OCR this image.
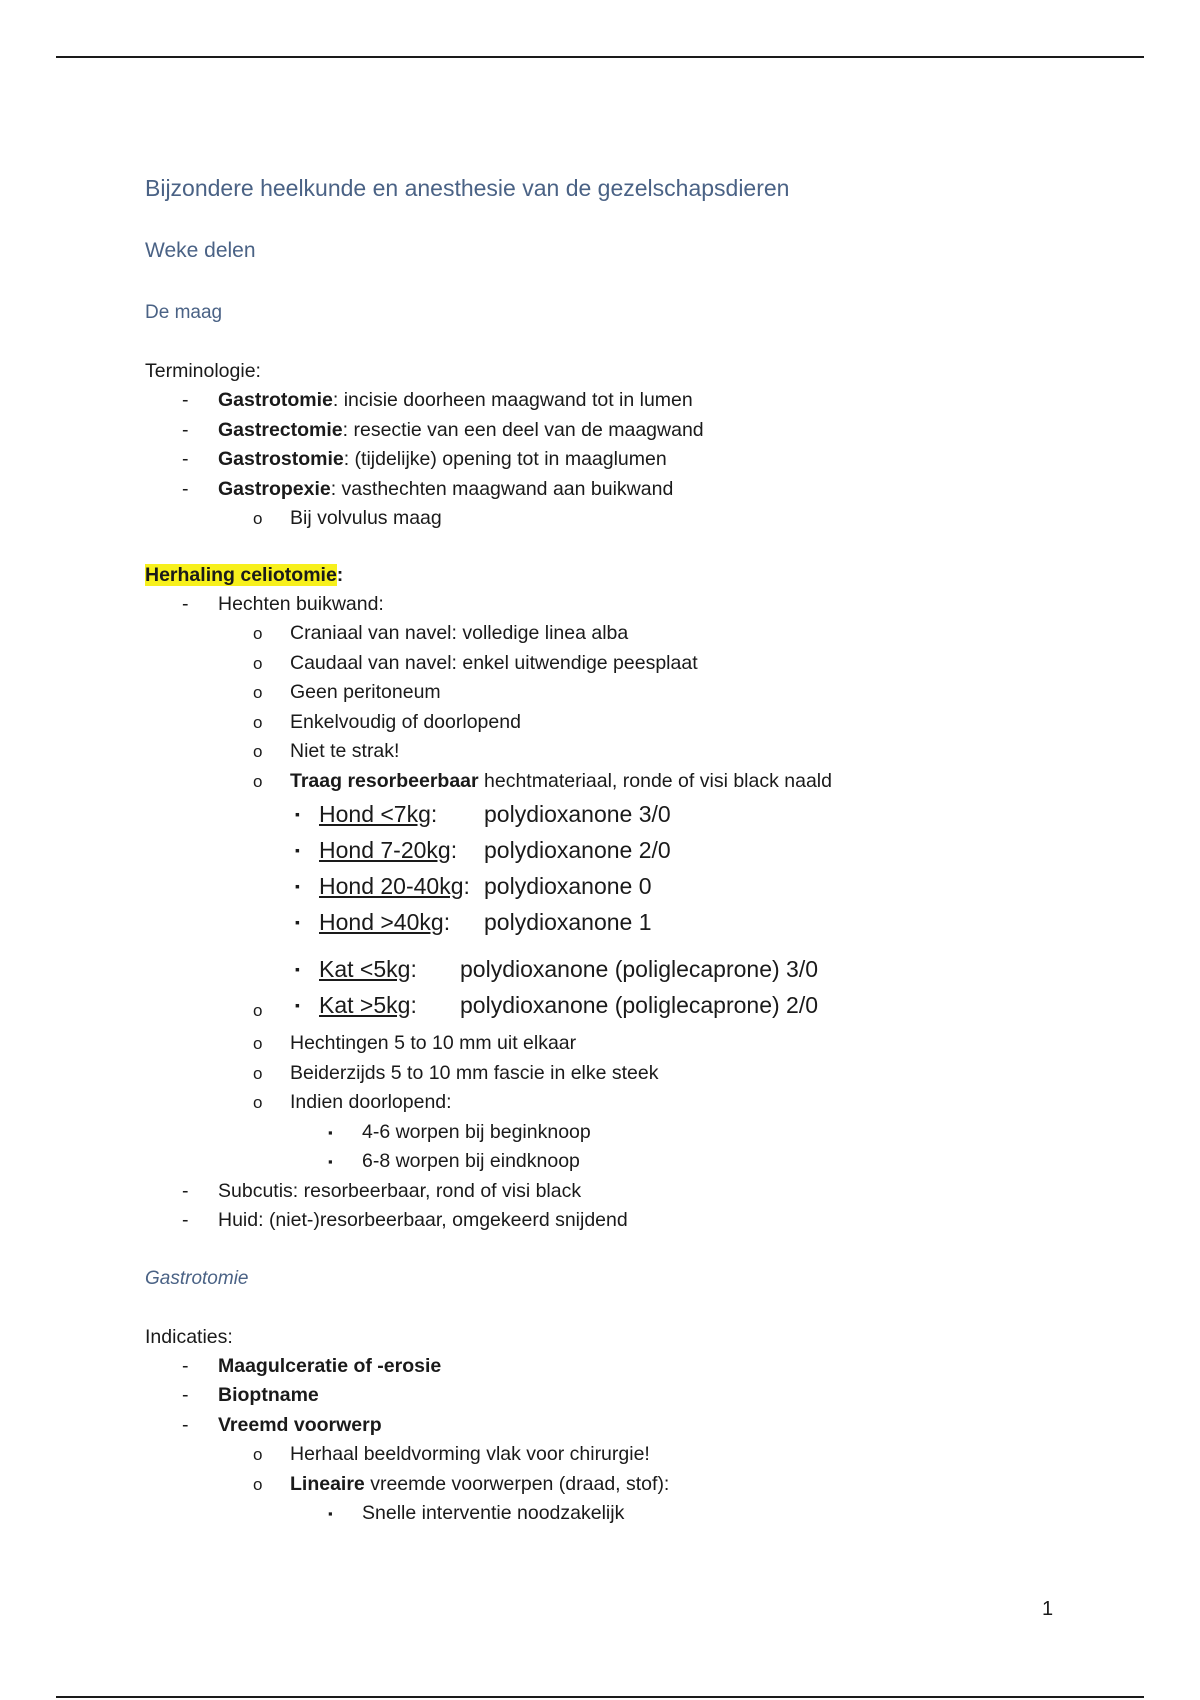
Bijzondere heelkunde en anesthesie van de gezelschapsdieren
Weke delen
De maag
Terminologie:
- Gastrotomie: incisie doorheen maagwand tot in lumen
- Gastrectomie: resectie van een deel van de maagwand
- Gastrostomie: (tijdelijke) opening tot in maaglumen
- Gastropexie: vasthechten maagwand aan buikwand
o Bij volvulus maag
Herhaling celiotomie:
- Hechten buikwand:
o Craniaal van navel: volledige linea alba
o Caudaal van navel: enkel uitwendige peesplaat
o Geen peritoneum
o Enkelvoudig of doorlopend
o Niet te strak!
o Traag resorbeerbaar hechtmateriaal, ronde of visi black naald
▪ Hond <7kg: polydioxanone 3/0
▪ Hond 7-20kg: polydioxanone 2/0
▪ Hond 20-40kg: polydioxanone 0
▪ Hond >40kg: polydioxanone 1
▪ Kat <5kg: polydioxanone (poliglecaprone) 3/0
▪ Kat >5kg: polydioxanone (poliglecaprone) 2/0
o
o Hechtingen 5 to 10 mm uit elkaar
o Beiderzijds 5 to 10 mm fascie in elke steek
o Indien doorlopend:
▪ 4-6 worpen bij beginknoop
▪ 6-8 worpen bij eindknoop
- Subcutis: resorbeerbaar, rond of visi black
- Huid: (niet-)resorbeerbaar, omgekeerd snijdend
Gastrotomie
Indicaties:
- Maagulceratie of -erosie
- Bioptname
- Vreemd voorwerp
o Herhaal beeldvorming vlak voor chirurgie!
o Lineaire vreemde voorwerpen (draad, stof):
▪ Snelle interventie noodzakelijk
1
